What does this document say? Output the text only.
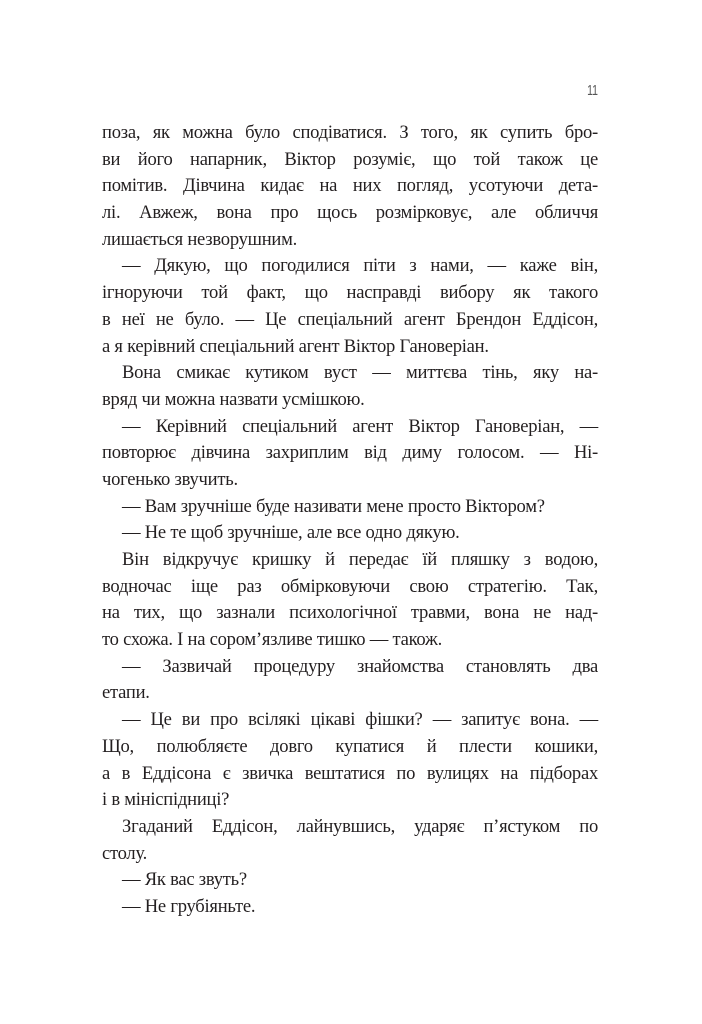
11
поза, як можна було сподіватися. З того, як супить бро-
ви його напарник, Віктор розуміє, що той також це
помітив. Дівчина кидає на них погляд, усотуючи дета-
лі. Авжеж, вона про щось розмірковує, але обличчя
лишається незворушним.
— Дякую, що погодилися піти з нами, — каже він,
ігноруючи той факт, що насправді вибору як такого
в неї не було. — Це спеціальний агент Брендон Еддісон,
а я керівний спеціальний агент Віктор Гановеріан.
Вона смикає кутиком вуст — миттєва тінь, яку на-
вряд чи можна назвати усмішкою.
— Керівний спеціальний агент Віктор Гановеріан, —
повторює дівчина захриплим від диму голосом. — Ні-
чогенько звучить.
— Вам зручніше буде називати мене просто Віктором?
— Не те щоб зручніше, але все одно дякую.
Він відкручує кришку й передає їй пляшку з водою,
водночас іще раз обмірковуючи свою стратегію. Так,
на тих, що зазнали психологічної травми, вона не над-
то схожа. І на сором’язливе тишко — також.
— Зазвичай процедуру знайомства становлять два
етапи.
— Це ви про всілякі цікаві фішки? — запитує вона. —
Що, полюбляєте довго купатися й плести кошики,
а в Еддісона є звичка вештатися по вулицях на підборах
і в мініспідниці?
Згаданий Еддісон, лайнувшись, ударяє п’ястуком по
столу.
— Як вас звуть?
— Не грубіяньте.
